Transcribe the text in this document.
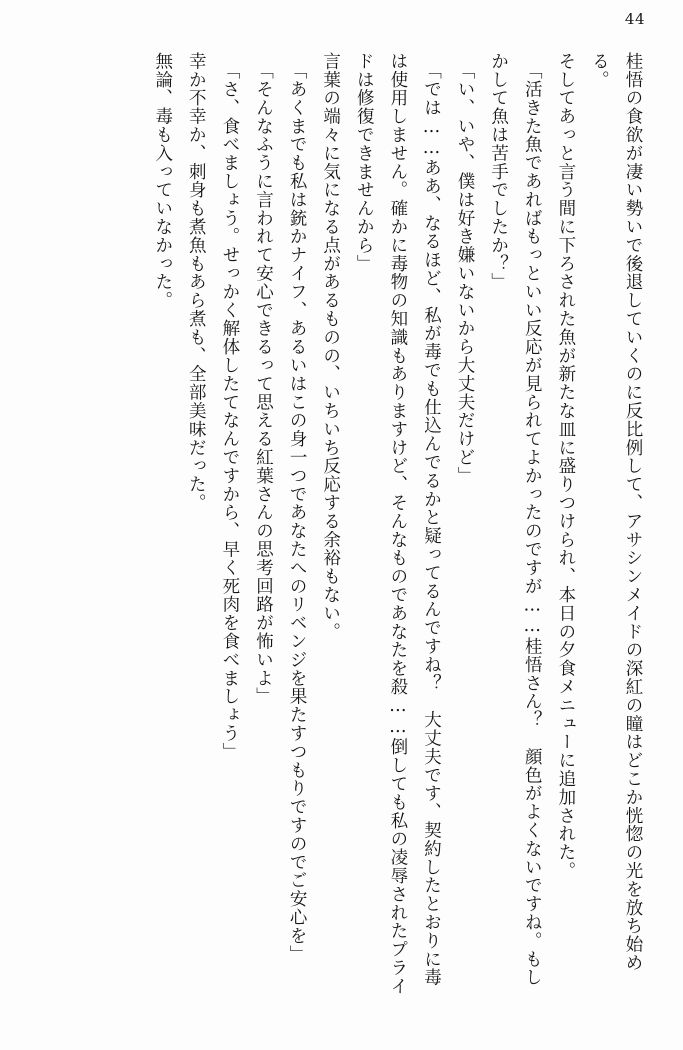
44

桂悟の食欲が凄い勢いで後退していくのに反比例して、アサシンメイドの深紅の瞳はどこか恍惚の光を放ち始める。

そしてあっと言う間に下ろされた魚が新たな皿に盛りつけられ、本日の夕食メニューに追加された。

「活きた魚であればもっといい反応が見られてよかったのですが……桂悟さん？　顔色がよくないですね。もしかして魚は苦手でしたか？」

「い、いや、僕は好き嫌いないから大丈夫だけど」

「では……ああ、なるほど、私が毒でも仕込んでるかと疑ってるんですね？　大丈夫です、契約したとおりに毒は使用しません。確かに毒物の知識もありますけど、そんなものであなたを殺……倒しても私の凌辱されたプライドは修復できませんから」

言葉の端々に気になる点があるものの、いちいち反応する余裕もない。

「あくまでも私は銃かナイフ、あるいはこの身一つであなたへのリベンジを果たすつもりですのでご安心を」

「そんなふうに言われて安心できるって思える紅葉さんの思考回路が怖いよ」

「さ、食べましょう。せっかく解体したてなんですから、早く死肉を食べましょう」

幸か不幸か、刺身も煮魚もあら煮も、全部美味だった。

無論、毒も入っていなかった。
